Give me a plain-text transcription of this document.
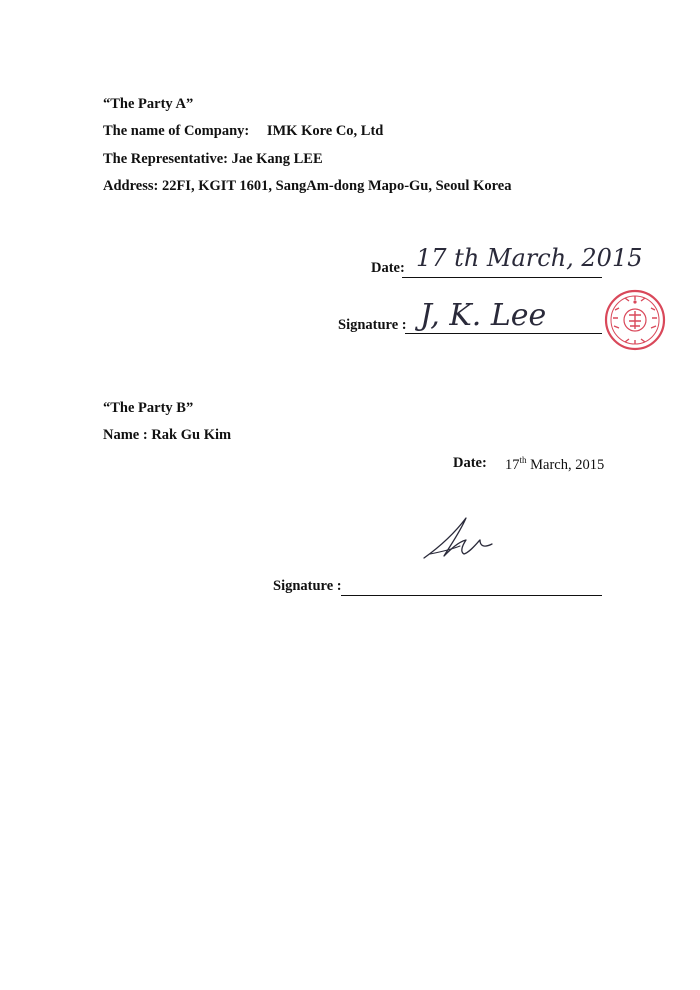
“The Party A”
The name of Company: IMK Kore Co, Ltd
The Representative: Jae Kang LEE
Address: 22FI, KGIT 1601, SangAm-dong Mapo-Gu, Seoul Korea
Date: 17 th March, 2015
Signature : J, K. Lee
“The Party B”
Name : Rak Gu Kim
Date: 17th March, 2015
Signature :
